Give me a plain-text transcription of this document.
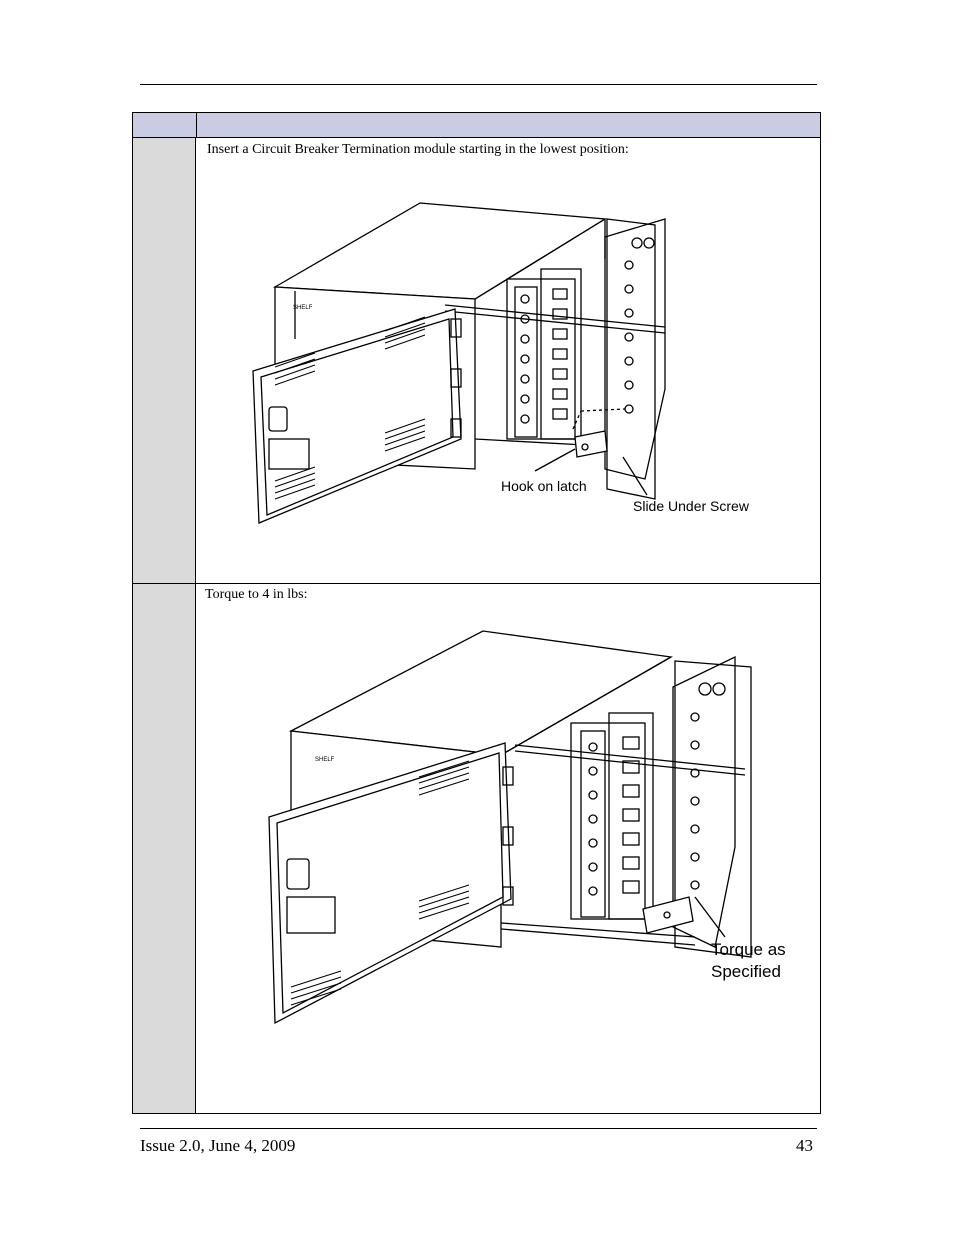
Insert a Circuit Breaker Termination module starting in the lowest position:
SHELF
Hook on latch
Slide Under Screw
Torque to 4 in lbs:
SHELF
Torque as
Specified
Issue 2.0, June 4, 2009	43
